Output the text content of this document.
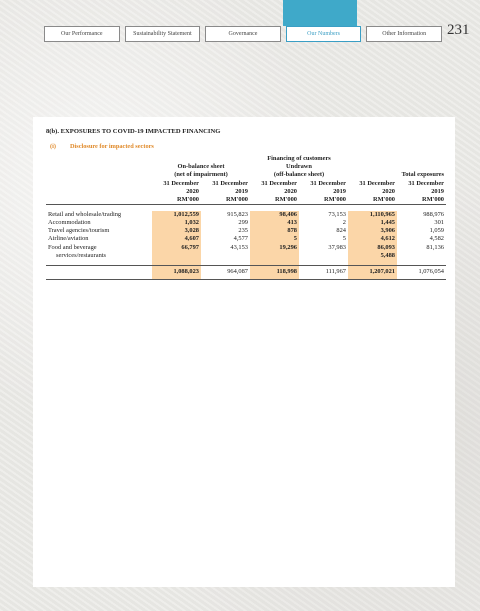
Our Performance	Sustainability Statement	Governance	Our Numbers	Other Information	231
8(b). EXPOSURES TO COVID-19 IMPACTED FINANCING
(i) Disclosure for impacted sectors
			Financing of customers			
	On-balance sheet		Undrawn			
	(net of impairment)		(off-balance sheet)		Total exposures	
	31 December	31 December	31 December	31 December	31 December	31 December
	2020	2019	2020	2019	2020	2019
	RM'000	RM'000	RM'000	RM'000	RM'000	RM'000

Retail and wholesale/trading	1,012,559	915,823	98,406	73,153	1,110,965	988,976
Accommodation	1,032	299	413	2	1,445	301
Travel agencies/tourism	3,028	235	878	824	3,906	1,059
Airline/aviation	4,607	4,577	5	5	4,612	4,582
Food and beverage	66,797	43,153	19,296	37,983	86,093	81,136
services/restaurants					5,488	

	1,088,023	964,087	118,998	111,967	1,207,021	1,076,054
